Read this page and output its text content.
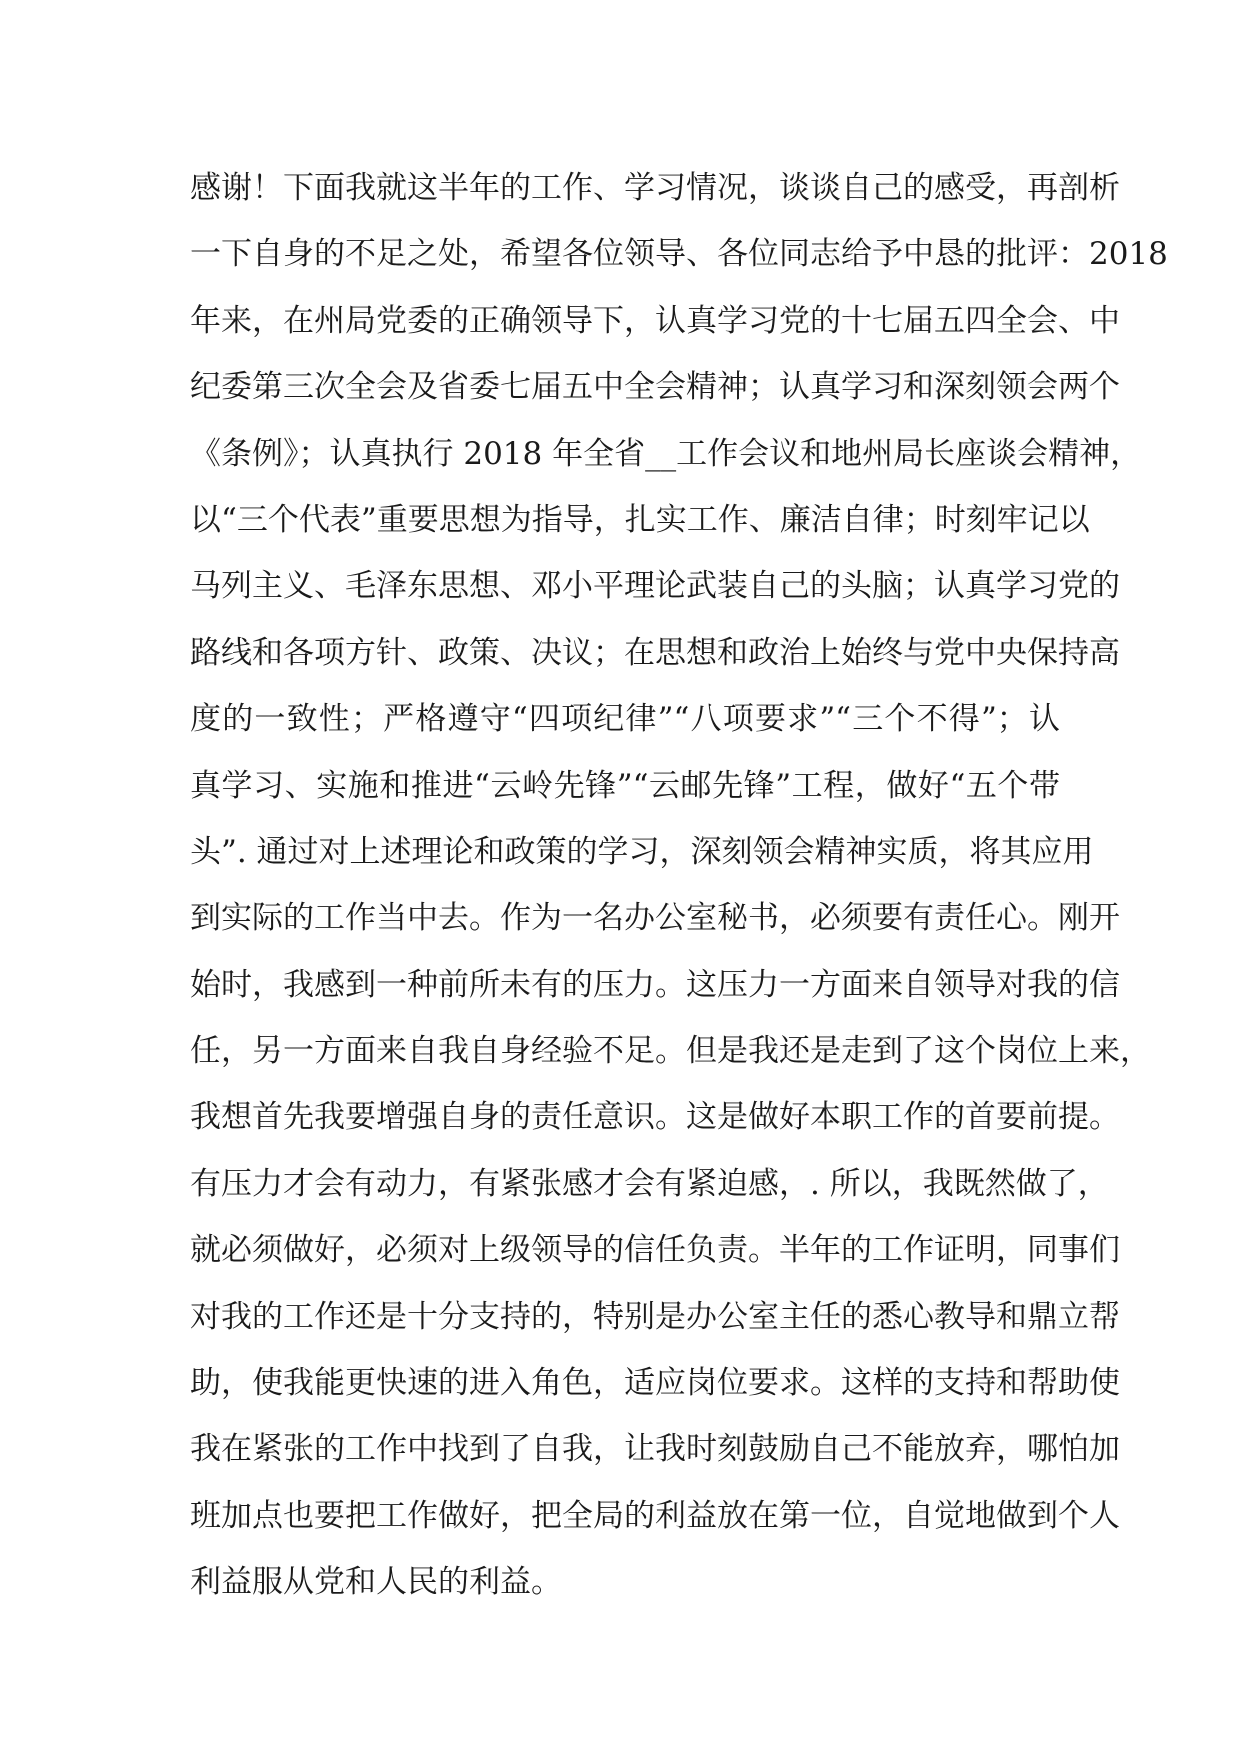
感谢！下面我就这半年的工作、学习情况，谈谈自己的感受，再剖析
一下自身的不足之处，希望各位领导、各位同志给予中恳的批评：2018
年来，在州局党委的正确领导下，认真学习党的十七届五四全会、中
纪委第三次全会及省委七届五中全会精神；认真学习和深刻领会两个
《条例》；认真执行 2018 年全省__工作会议和地州局长座谈会精神，
以“三个代表”重要思想为指导，扎实工作、廉洁自律；时刻牢记以
马列主义、毛泽东思想、邓小平理论武装自己的头脑；认真学习党的
路线和各项方针、政策、决议；在思想和政治上始终与党中央保持高
度的一致性；严格遵守“四项纪律”“八项要求”“三个不得”；认
真学习、实施和推进“云岭先锋”“云邮先锋”工程，做好“五个带
头”. 通过对上述理论和政策的学习，深刻领会精神实质，将其应用
到实际的工作当中去。作为一名办公室秘书，必须要有责任心。刚开
始时，我感到一种前所未有的压力。这压力一方面来自领导对我的信
任，另一方面来自我自身经验不足。但是我还是走到了这个岗位上来，
我想首先我要增强自身的责任意识。这是做好本职工作的首要前提。
有压力才会有动力，有紧张感才会有紧迫感，. 所以，我既然做了，
就必须做好，必须对上级领导的信任负责。半年的工作证明，同事们
对我的工作还是十分支持的，特别是办公室主任的悉心教导和鼎立帮
助，使我能更快速的进入角色，适应岗位要求。这样的支持和帮助使
我在紧张的工作中找到了自我，让我时刻鼓励自己不能放弃，哪怕加
班加点也要把工作做好，把全局的利益放在第一位，自觉地做到个人
利益服从党和人民的利益。
